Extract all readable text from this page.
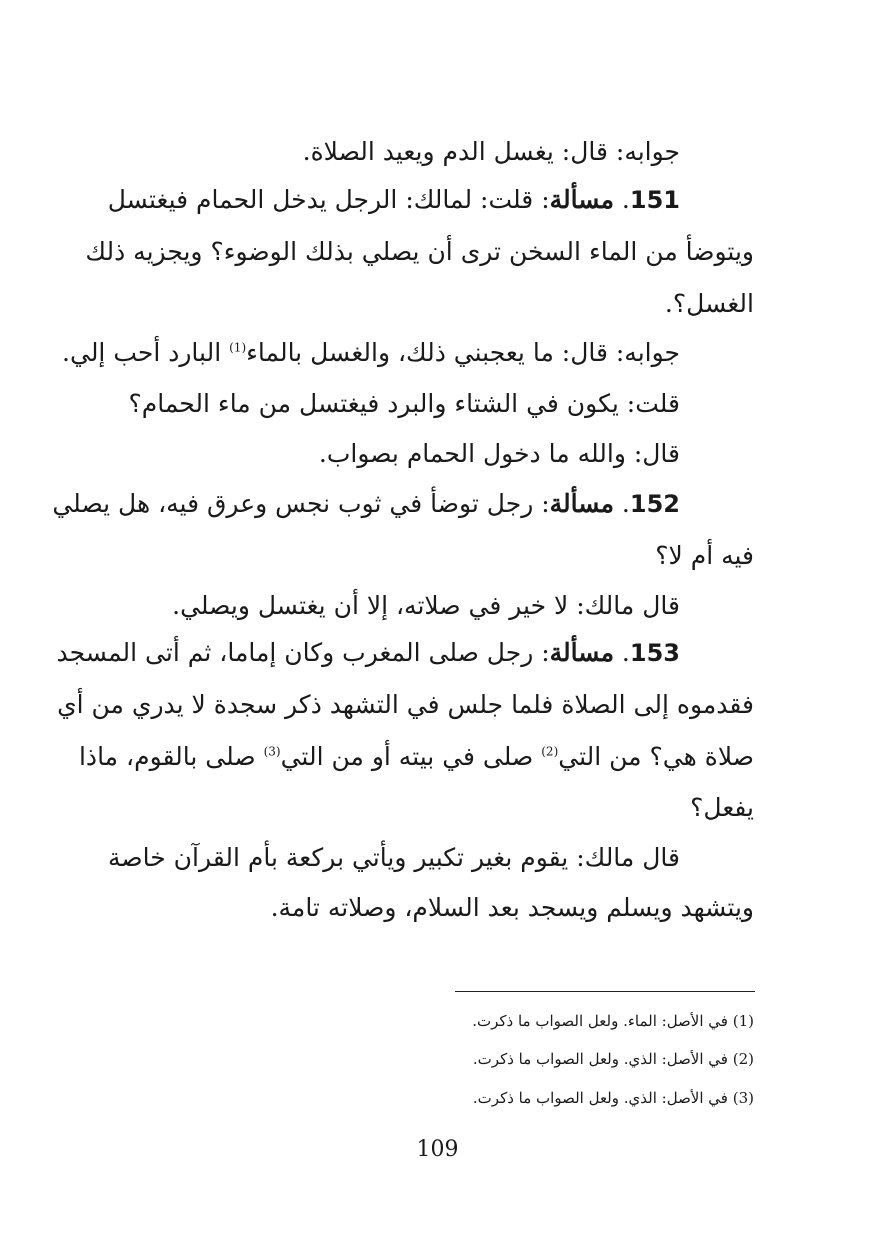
جوابه: قال: يغسل الدم ويعيد الصلاة.
151. مسألة: قلت: لمالك: الرجل يدخل الحمام فيغتسل
ويتوضأ من الماء السخن ترى أن يصلي بذلك الوضوء؟ ويجزيه ذلك
الغسل؟.
جوابه: قال: ما يعجبني ذلك، والغسل بالماء$^{(1)}$ البارد أحب إلي.
قلت: يكون في الشتاء والبرد فيغتسل من ماء الحمام؟
قال: والله ما دخول الحمام بصواب.
152. مسألة: رجل توضأ في ثوب نجس وعرق فيه، هل يصلي
فيه أم لا؟
قال مالك: لا خير في صلاته، إلا أن يغتسل ويصلي.
153. مسألة: رجل صلى المغرب وكان إماما، ثم أتى المسجد
فقدموه إلى الصلاة فلما جلس في التشهد ذكر سجدة لا يدري من أي
صلاة هي؟ من التي$^{(2)}$ صلى في بيته أو من التي$^{(3)}$ صلى بالقوم، ماذا
يفعل؟
قال مالك: يقوم بغير تكبير ويأتي بركعة بأم القرآن خاصة
ويتشهد ويسلم ويسجد بعد السلام، وصلاته تامة.
(1) في الأصل: الماء. ولعل الصواب ما ذكرت.
(2) في الأصل: الذي. ولعل الصواب ما ذكرت.
(3) في الأصل: الذي. ولعل الصواب ما ذكرت.
109
